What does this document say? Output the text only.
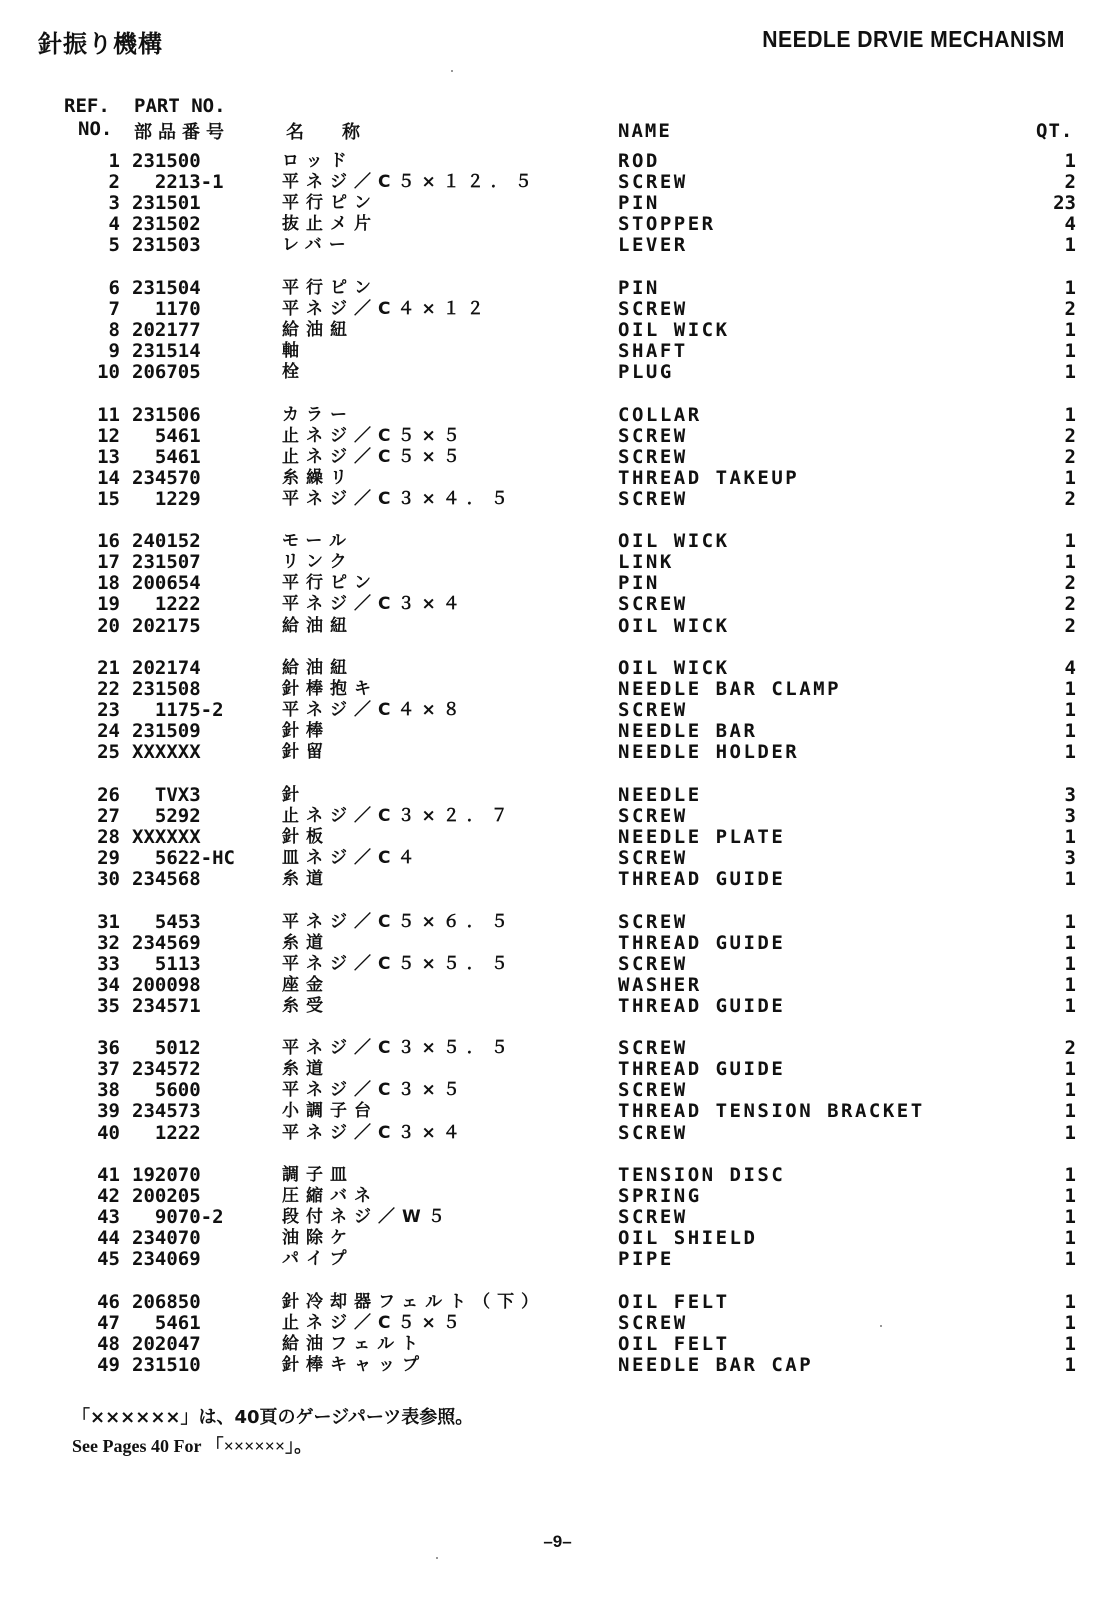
針振り機構	NEEDLE DRVIE MECHANISM
REF.
NO.
PART NO.
部品番号	名　称	NAME	QT.
1 231500	ロッド	ROD	1
2 2213-1	平ネジ／C５×１２．５	SCREW	2
3 231501	平行ピン	PIN	23
4 231502	抜止メ片	STOPPER	4
5 231503	レバー	LEVER	1
6 231504	平行ピン	PIN	1
7 1170	平ネジ／C４×１２	SCREW	2
8 202177	給油紐	OIL WICK	1
9 231514	軸	SHAFT	1
10 206705	栓	PLUG	1
11 231506	カラー	COLLAR	1
12 5461	止ネジ／C５×５	SCREW	2
13 5461	止ネジ／C５×５	SCREW	2
14 234570	糸繰リ	THREAD TAKEUP	1
15 1229	平ネジ／C３×４．５	SCREW	2
16 240152	モール	OIL WICK	1
17 231507	リンク	LINK	1
18 200654	平行ピン	PIN	2
19 1222	平ネジ／C３×４	SCREW	2
20 202175	給油紐	OIL WICK	2
21 202174	給油紐	OIL WICK	4
22 231508	針棒抱キ	NEEDLE BAR CLAMP	1
23 1175-2	平ネジ／C４×８	SCREW	1
24 231509	針棒	NEEDLE BAR	1
25 XXXXXX	針留	NEEDLE HOLDER	1
26 TVX3	針	NEEDLE	3
27 5292	止ネジ／C３×２．７	SCREW	3
28 XXXXXX	針板	NEEDLE PLATE	1
29 5622-HC	皿ネジ／C４	SCREW	3
30 234568	糸道	THREAD GUIDE	1
31 5453	平ネジ／C５×６．５	SCREW	1
32 234569	糸道	THREAD GUIDE	1
33 5113	平ネジ／C５×５．５	SCREW	1
34 200098	座金	WASHER	1
35 234571	糸受	THREAD GUIDE	1
36 5012	平ネジ／C３×５．５	SCREW	2
37 234572	糸道	THREAD GUIDE	1
38 5600	平ネジ／C３×５	SCREW	1
39 234573	小調子台	THREAD TENSION BRACKET	1
40 1222	平ネジ／C３×４	SCREW	1
41 192070	調子皿	TENSION DISC	1
42 200205	圧縮バネ	SPRING	1
43 9070-2	段付ネジ／W５	SCREW	1
44 234070	油除ケ	OIL SHIELD	1
45 234069	パイプ	PIPE	1
46 206850	針冷却器フェルト（下）	OIL FELT	1
47 5461	止ネジ／C５×５	SCREW	1
48 202047	給油フェルト	OIL FELT	1
49 231510	針棒キャップ	NEEDLE BAR CAP	1
「××××××」は、40頁のゲージパーツ表参照。
See Pages 40 For 「××××××」。
–9–
